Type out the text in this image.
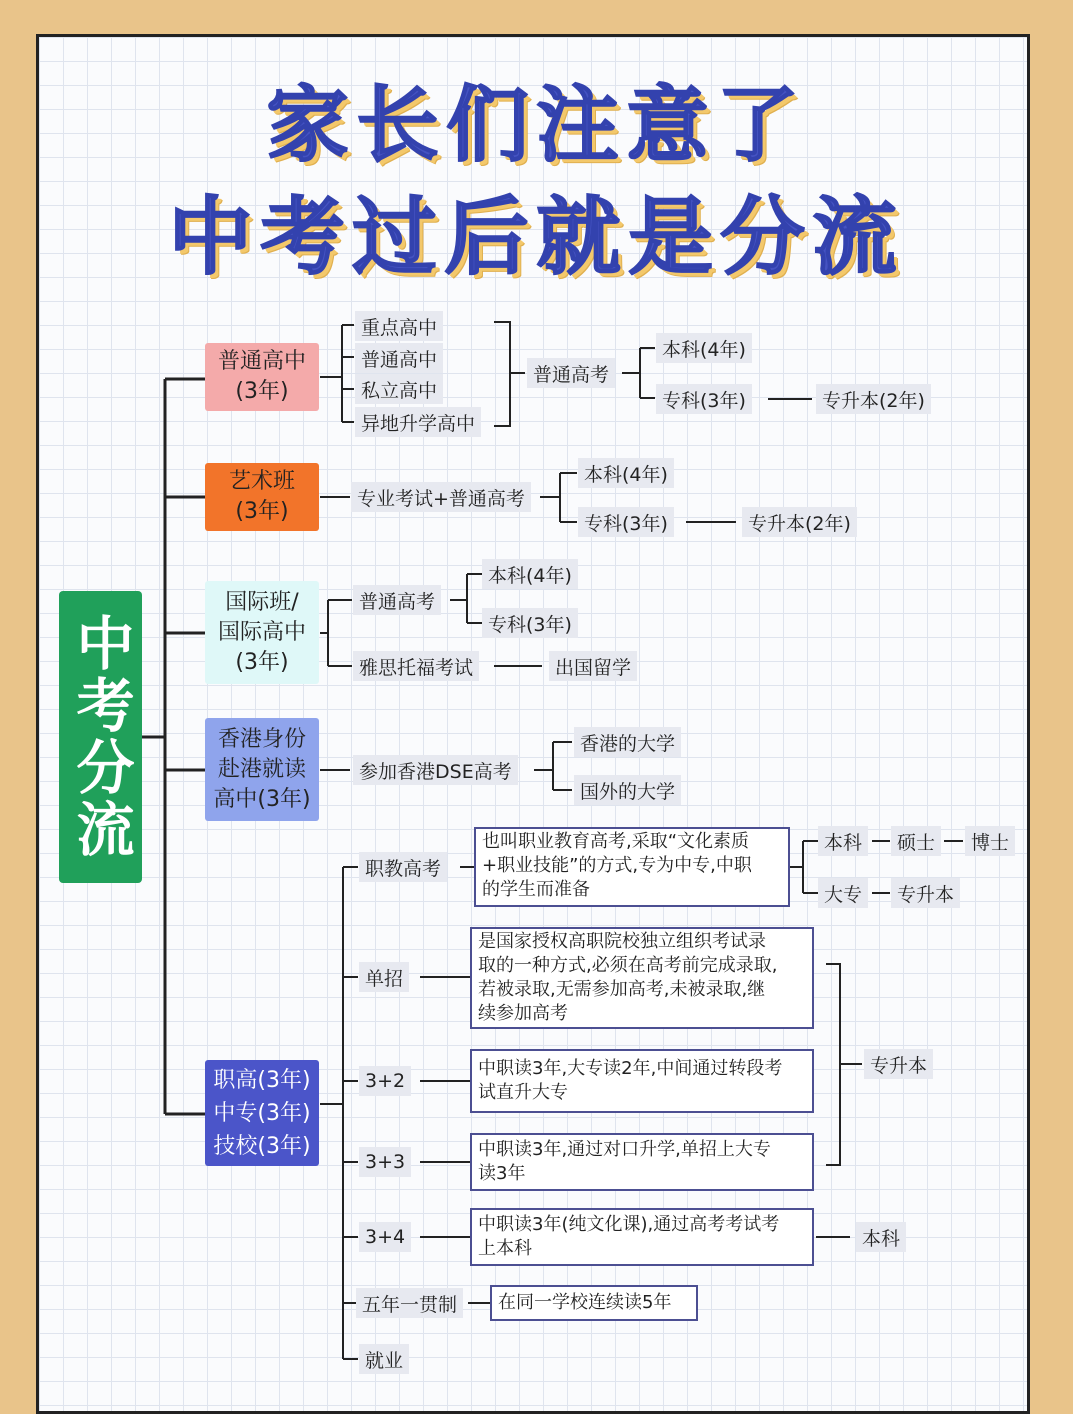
家长们注意了
中考过后就是分流
中考分流
普通高中
(3年)
艺术班
(3年)
国际班/
国际高中
(3年)
香港身份
赴港就读
高中(3年)
职高(3年)
中专(3年)
技校(3年)
重点高中
普通高中
私立高中
异地升学高中
普通高考
本科(4年)
专科(3年)	专升本(2年)
专业考试+普通高考
本科(4年)
专科(3年)	专升本(2年)
普通高考
本科(4年)
专科(3年)
雅思托福考试	出国留学
参加香港DSE高考
香港的大学
国外的大学
职教高考
单招
3+2
3+3
3+4
五年一贯制
就业
也叫职业教育高考,采取“文化素质
+职业技能”的方式,专为中专,中职
的学生而准备
是国家授权高职院校独立组织考试录
取的一种方式,必须在高考前完成录取,
若被录取,无需参加高考,未被录取,继
续参加高考
中职读3年,大专读2年,中间通过转段考
试直升大专
中职读3年,通过对口升学,单招上大专
读3年
中职读3年(纯文化课),通过高考考试考
上本科
在同一学校连续读5年
本科	硕士	博士
大专	专升本
专升本
本科
